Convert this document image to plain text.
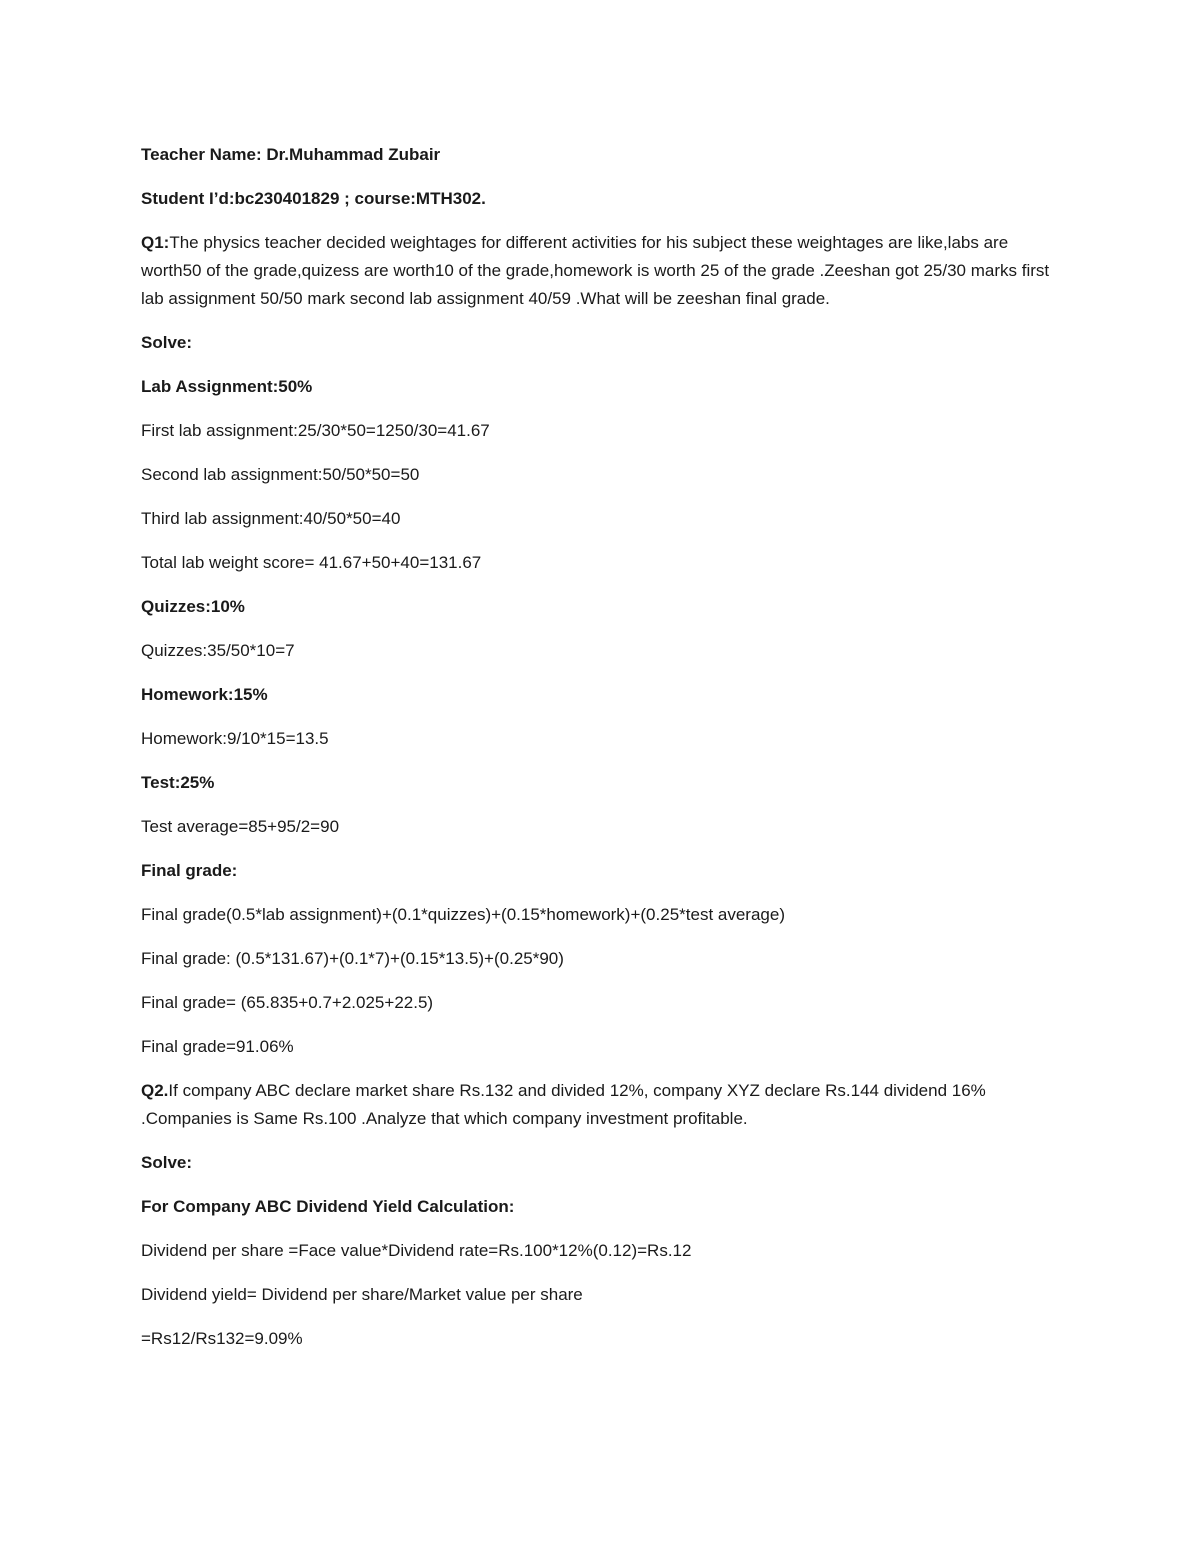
Teacher Name: Dr.Muhammad Zubair

Student I’d:bc230401829 ; course:MTH302.

Q1:The physics teacher decided weightages for different activities for his subject these weightages are like,labs are worth50 of the grade,quizess are worth10 of the grade,homework is worth 25 of the grade .Zeeshan got 25/30 marks first lab assignment 50/50 mark second lab assignment 40/59 .What will be zeeshan final grade.

Solve:

Lab Assignment:50%

First lab assignment:25/30*50=1250/30=41.67

Second lab assignment:50/50*50=50

Third lab assignment:40/50*50=40

Total lab weight score= 41.67+50+40=131.67

Quizzes:10%

Quizzes:35/50*10=7

Homework:15%

Homework:9/10*15=13.5

Test:25%

Test average=85+95/2=90

Final grade:

Final grade(0.5*lab assignment)+(0.1*quizzes)+(0.15*homework)+(0.25*test average)

Final grade: (0.5*131.67)+(0.1*7)+(0.15*13.5)+(0.25*90)

Final grade= (65.835+0.7+2.025+22.5)

Final grade=91.06%

Q2.If company ABC declare market share Rs.132 and divided 12%, company XYZ declare Rs.144 dividend 16% .Companies is Same Rs.100 .Analyze that which company investment profitable.

Solve:

For Company ABC Dividend Yield Calculation:

Dividend per share =Face value*Dividend rate=Rs.100*12%(0.12)=Rs.12

Dividend yield= Dividend per share/Market value per share

=Rs12/Rs132=9.09%
